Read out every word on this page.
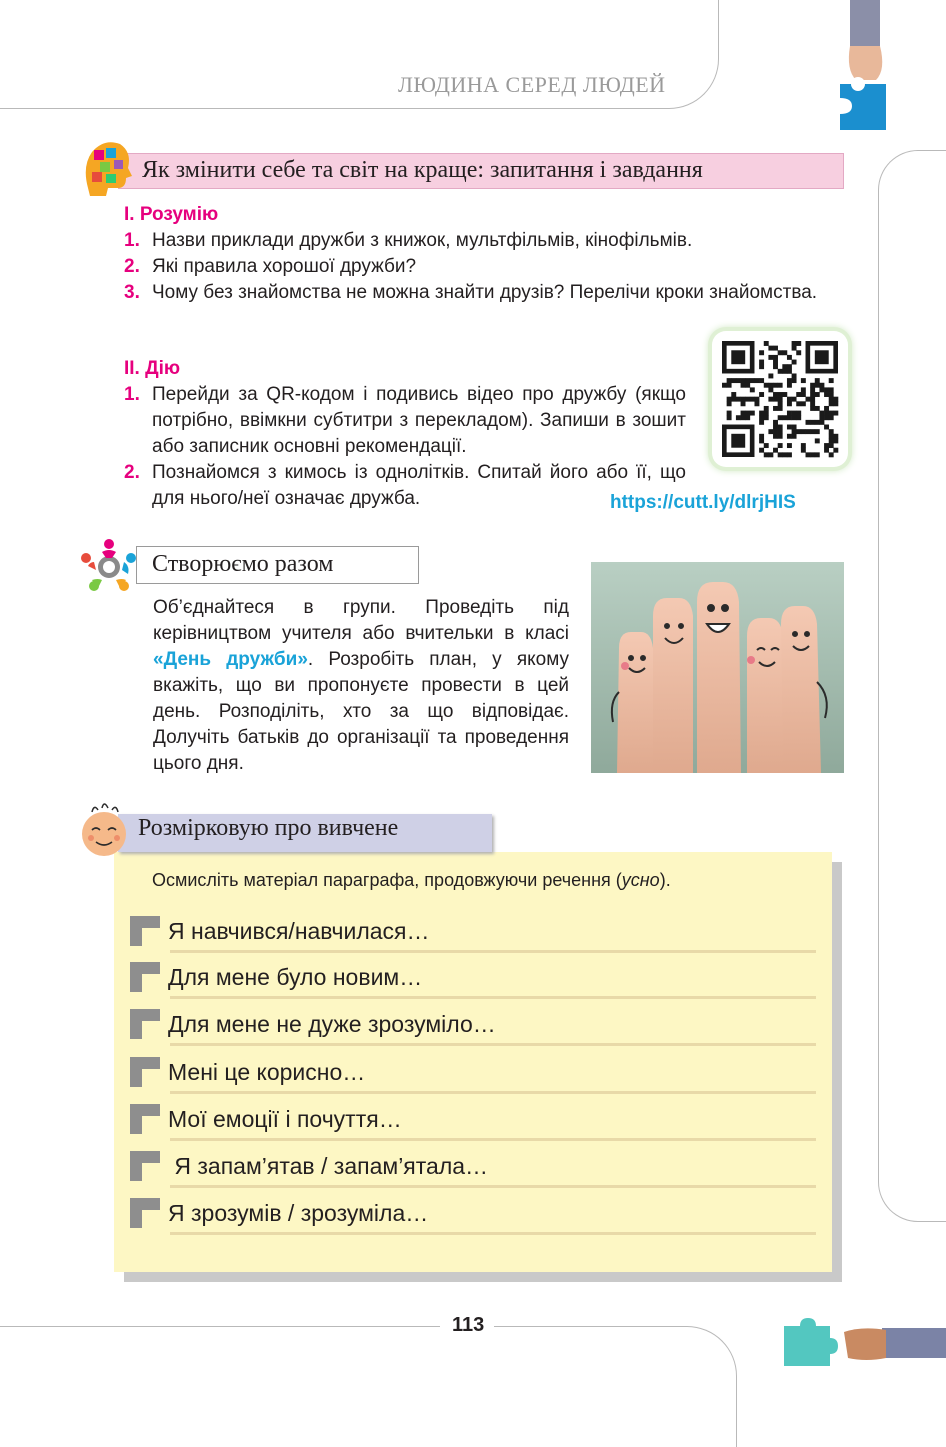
ЛЮДИНА СЕРЕД ЛЮДЕЙ
Як змінити себе та світ на краще: запитання і завдання
І. Розумію
1. Назви приклади дружби з книжок, мультфільмів, кінофільмів.
2. Які правила хорошої дружби?
3. Чому без знайомства не можна знайти друзів? Перелічи кроки знайомства.
ІІ. Дію
1. Перейди за QR-кодом і подивись відео про дружбу (якщо потрібно, ввімкни субтитри з перекладом). Запиши в зошит або записник основні рекомендації.
2. Познайомся з кимось із однолітків. Спитай його або її, що для нього/неї означає дружба.	https://cutt.ly/dlrjHIS
Створюємо разом
Об’єднайтеся в групи. Проведіть під керівництвом учителя або вчительки в класі «День дружби». Розробіть план, у якому вкажіть, що ви пропонуєте провести в цей день. Розподіліть, хто за що відповідає. Долучіть батьків до організації та проведення цього дня.
Розмірковую про вивчене
Осмисліть матеріал параграфа, продовжуючи речення (усно).
Я навчився/навчилася…
Для мене було новим…
Для мене не дуже зрозуміло…
Мені це корисно…
Мої емоції і почуття…
Я запам’ятав / запам’ятала…
Я зрозумів / зрозуміла…
113
